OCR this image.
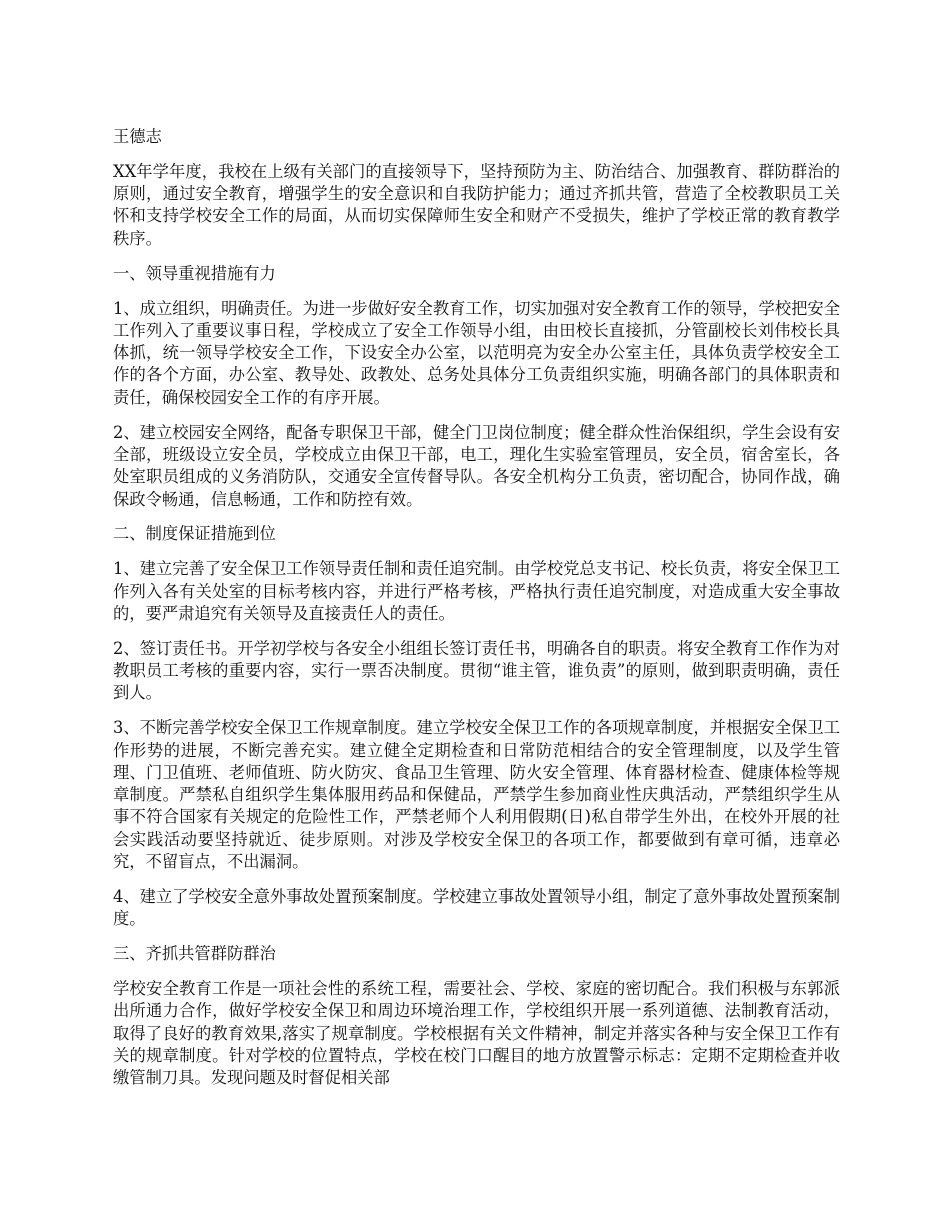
王德志

XX年学年度，我校在上级有关部门的直接领导下，坚持预防为主、防治结合、加强教育、群防群治的原则，通过安全教育，增强学生的安全意识和自我防护能力；通过齐抓共管，营造了全校教职员工关怀和支持学校安全工作的局面，从而切实保障师生安全和财产不受损失，维护了学校正常的教育教学秩序。

一、领导重视措施有力

1、成立组织，明确责任。为进一步做好安全教育工作，切实加强对安全教育工作的领导，学校把安全工作列入了重要议事日程，学校成立了安全工作领导小组，由田校长直接抓，分管副校长刘伟校长具体抓，统一领导学校安全工作，下设安全办公室，以范明亮为安全办公室主任，具体负责学校安全工作的各个方面，办公室、教导处、政教处、总务处具体分工负责组织实施，明确各部门的具体职责和责任，确保校园安全工作的有序开展。

2、建立校园安全网络，配备专职保卫干部，健全门卫岗位制度；健全群众性治保组织，学生会设有安全部，班级设立安全员，学校成立由保卫干部，电工，理化生实验室管理员，安全员，宿舍室长，各处室职员组成的义务消防队，交通安全宣传督导队。各安全机构分工负责，密切配合，协同作战，确保政令畅通，信息畅通，工作和防控有效。

二、制度保证措施到位

1、建立完善了安全保卫工作领导责任制和责任追究制。由学校党总支书记、校长负责，将安全保卫工作列入各有关处室的目标考核内容，并进行严格考核，严格执行责任追究制度，对造成重大安全事故的，要严肃追究有关领导及直接责任人的责任。

2、签订责任书。开学初学校与各安全小组组长签订责任书，明确各自的职责。将安全教育工作作为对教职员工考核的重要内容，实行一票否决制度。贯彻“谁主管，谁负责”的原则，做到职责明确，责任到人。

3、不断完善学校安全保卫工作规章制度。建立学校安全保卫工作的各项规章制度，并根据安全保卫工作形势的进展，不断完善充实。建立健全定期检查和日常防范相结合的安全管理制度，以及学生管理、门卫值班、老师值班、防火防灾、食品卫生管理、防火安全管理、体育器材检查、健康体检等规章制度。严禁私自组织学生集体服用药品和保健品，严禁学生参加商业性庆典活动，严禁组织学生从事不符合国家有关规定的危险性工作，严禁老师个人利用假期(日)私自带学生外出，在校外开展的社会实践活动要坚持就近、徒步原则。对涉及学校安全保卫的各项工作，都要做到有章可循，违章必究，不留盲点，不出漏洞。

4、建立了学校安全意外事故处置预案制度。学校建立事故处置领导小组，制定了意外事故处置预案制度。

三、齐抓共管群防群治

学校安全教育工作是一项社会性的系统工程，需要社会、学校、家庭的密切配合。我们积极与东郭派出所通力合作，做好学校安全保卫和周边环境治理工作，学校组织开展一系列道德、法制教育活动，取得了良好的教育效果,落实了规章制度。学校根据有关文件精神，制定并落实各种与安全保卫工作有关的规章制度。针对学校的位置特点，学校在校门口醒目的地方放置警示标志：定期不定期检查并收缴管制刀具。发现问题及时督促相关部
